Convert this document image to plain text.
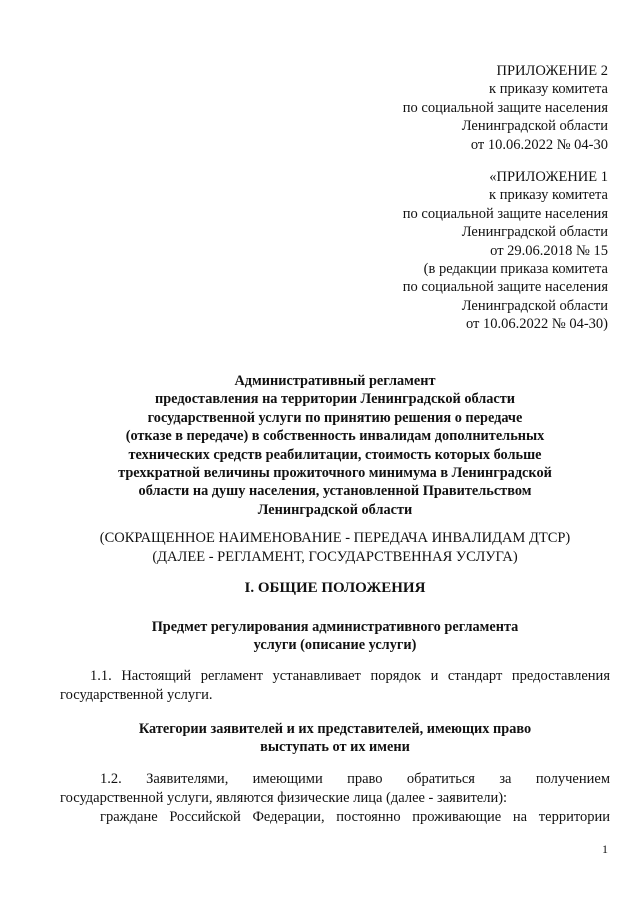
ПРИЛОЖЕНИЕ 2
к приказу комитета
по социальной защите населения
Ленинградской области
от 10.06.2022 № 04-30
«ПРИЛОЖЕНИЕ 1
к приказу комитета
по социальной защите населения
Ленинградской области
от 29.06.2018 № 15
(в редакции приказа комитета
по социальной защите населения
Ленинградской области
от 10.06.2022 № 04-30)
Административный регламент
предоставления на территории Ленинградской области
государственной услуги по принятию решения о передаче
(отказе в передаче) в собственность инвалидам дополнительных
технических средств реабилитации, стоимость которых больше
трехкратной величины прожиточного минимума в Ленинградской
области на душу населения, установленной Правительством
Ленинградской области
(СОКРАЩЕННОЕ НАИМЕНОВАНИЕ - ПЕРЕДАЧА ИНВАЛИДАМ ДТСР)
(ДАЛЕЕ - РЕГЛАМЕНТ, ГОСУДАРСТВЕННАЯ УСЛУГА)
I. ОБЩИЕ ПОЛОЖЕНИЯ
Предмет регулирования административного регламента
услуги (описание услуги)
1.1. Настоящий регламент устанавливает порядок и стандарт предоставления
государственной услуги.
Категории заявителей и их представителей, имеющих право
выступать от их имени
1.2. Заявителями, имеющими право обратиться за получением
государственной услуги, являются физические лица (далее - заявители):
граждане Российской Федерации, постоянно проживающие на территории
1
